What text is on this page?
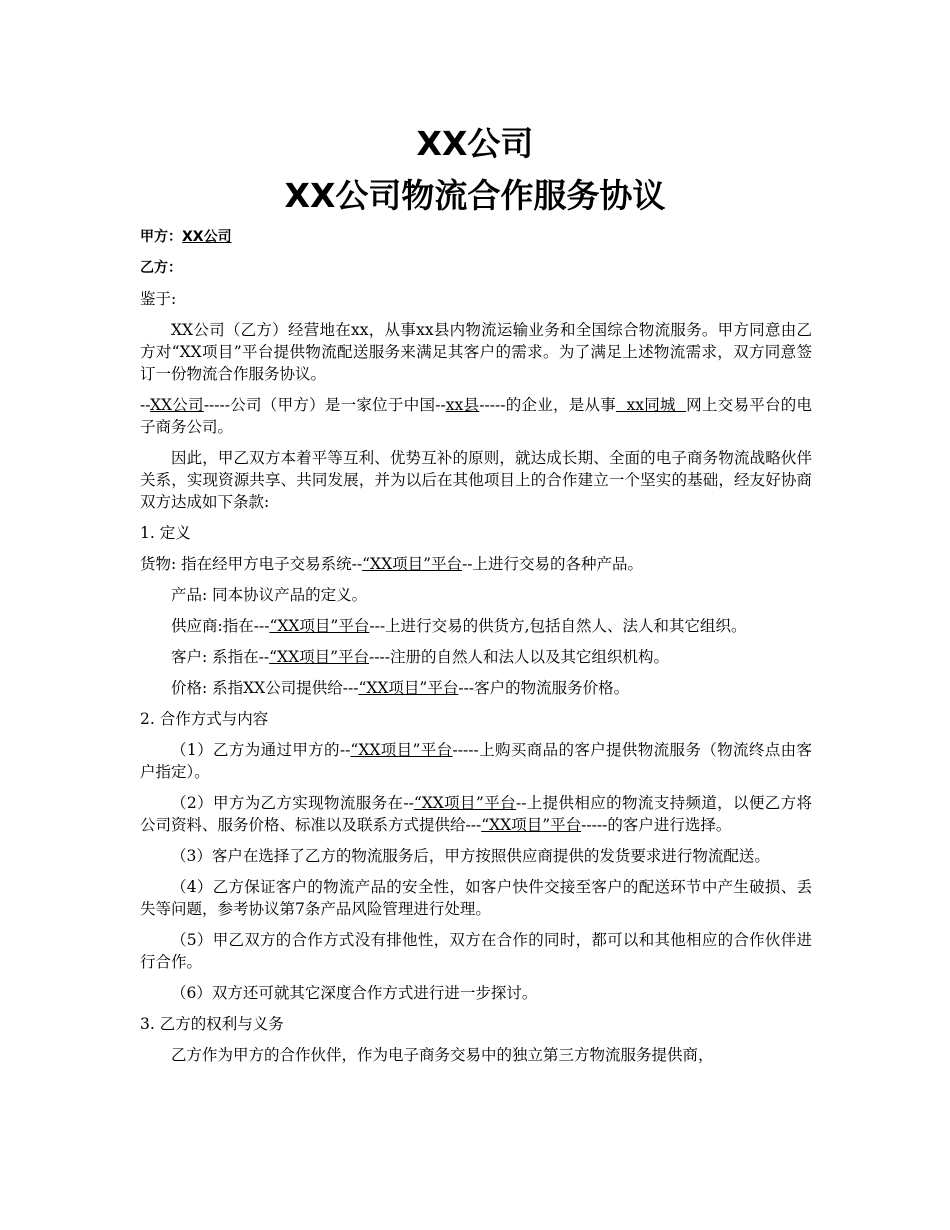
XX公司
XX公司物流合作服务协议

甲方：XX公司

乙方：

鉴于:

XX公司（乙方）经营地在xx，从事xx县内物流运输业务和全国综合物流服务。甲方同意由乙方对“XX项目”平台提供物流配送服务来满足其客户的需求。为了满足上述物流需求，双方同意签订一份物流合作服务协议。

--XX公司-----公司（甲方）是一家位于中国--xx县-----的企业，是从事  xx同城  网上交易平台的电子商务公司。

因此，甲乙双方本着平等互利、优势互补的原则，就达成长期、全面的电子商务物流战略伙伴关系，实现资源共享、共同发展，并为以后在其他项目上的合作建立一个坚实的基础，经友好协商双方达成如下条款:

1. 定义

货物: 指在经甲方电子交易系统--“XX项目”平台--上进行交易的各种产品。

产品: 同本协议产品的定义。

供应商:指在---“XX项目”平台---上进行交易的供货方,包括自然人、法人和其它组织。

客户: 系指在--“XX项目”平台----注册的自然人和法人以及其它组织机构。

价格: 系指XX公司提供给---“XX项目”平台---客户的物流服务价格。

2. 合作方式与内容

（1）乙方为通过甲方的--“XX项目”平台-----上购买商品的客户提供物流服务（物流终点由客户指定）。

（2）甲方为乙方实现物流服务在--“XX项目”平台--上提供相应的物流支持频道，以便乙方将公司资料、服务价格、标准以及联系方式提供给---“XX项目”平台-----的客户进行选择。

（3）客户在选择了乙方的物流服务后，甲方按照供应商提供的发货要求进行物流配送。

（4）乙方保证客户的物流产品的安全性，如客户快件交接至客户的配送环节中产生破损、丢失等问题，参考协议第7条产品风险管理进行处理。

（5）甲乙双方的合作方式没有排他性，双方在合作的同时，都可以和其他相应的合作伙伴进行合作。

（6）双方还可就其它深度合作方式进行进一步探讨。

3. 乙方的权利与义务

乙方作为甲方的合作伙伴，作为电子商务交易中的独立第三方物流服务提供商，
